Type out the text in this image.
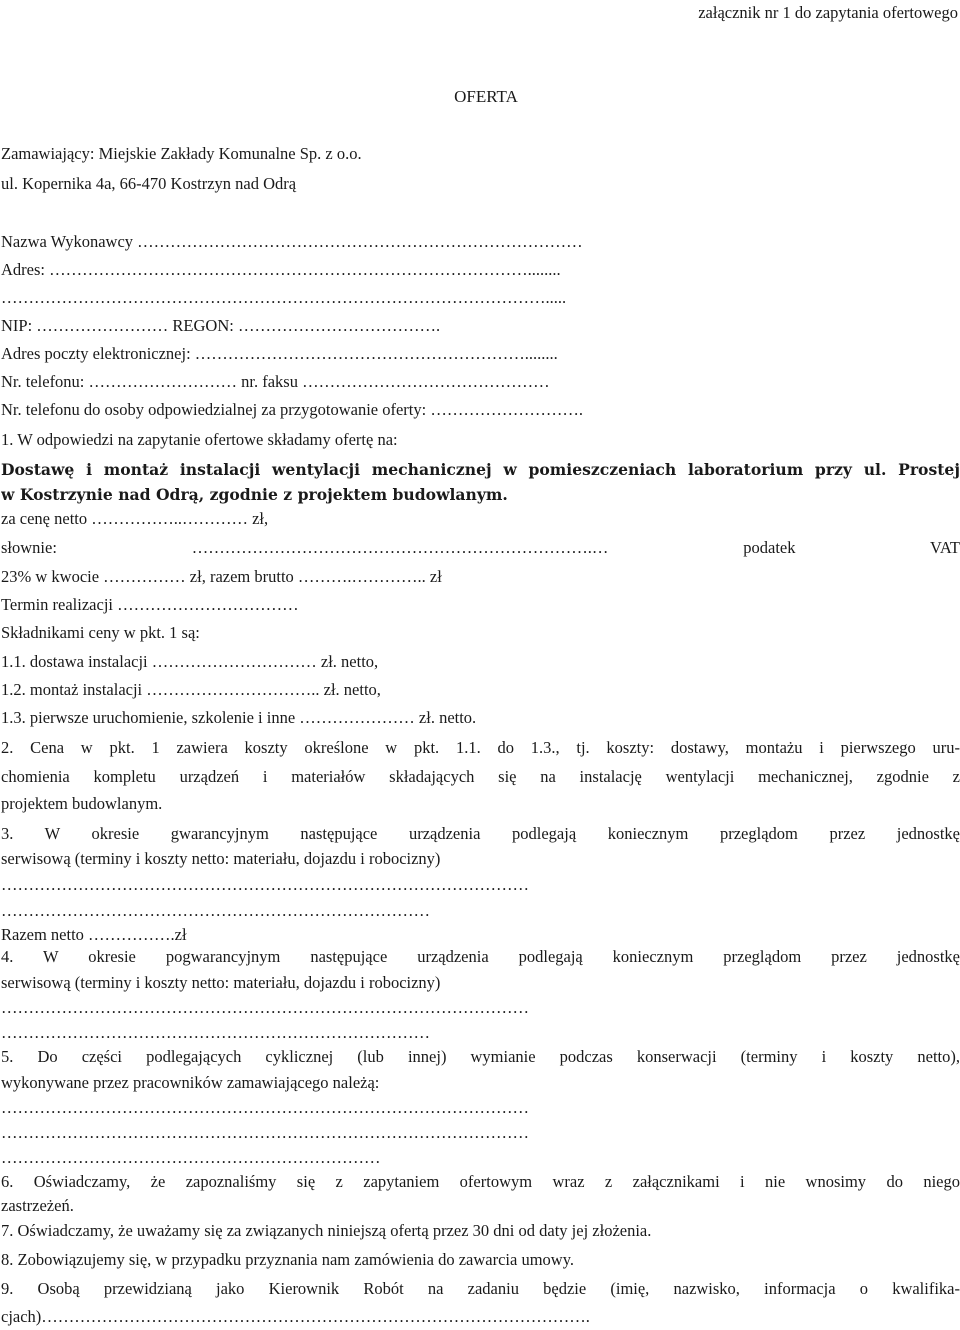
załącznik nr 1 do zapytania ofertowego
OFERTA
Zamawiający: Miejskie Zakłady Komunalne Sp. z o.o.
ul. Kopernika 4a, 66-470 Kostrzyn nad Odrą
Nazwa Wykonawcy ………………………………………………………………………
Adres: ……………………………………………………………………………........
……………………………………………………………………………………….....
NIP: …………………… REGON: ……………………………….
Adres poczty elektronicznej: ……………………………………………………........
Nr. telefonu: ……………………… nr. faksu ………………………………………
Nr. telefonu do osoby odpowiedzialnej za przygotowanie oferty: ……………………….
1. W odpowiedzi na zapytanie ofertowe składamy ofertę na:
Dostawę i montaż instalacji wentylacji mechanicznej w pomieszczeniach laboratorium przy ul. Prostej
w Kostrzynie nad Odrą, zgodnie z projektem budowlanym.
za cenę netto ……………..………… zł,
słownie: ……………………………………………………………….… podatek VAT
23% w kwocie …………… zł, razem brutto ……….………….. zł
Termin realizacji ……………………………
Składnikami ceny w pkt. 1 są:
1.1. dostawa instalacji ………………………… zł. netto,
1.2. montaż instalacji ………………………….. zł. netto,
1.3. pierwsze uruchomienie, szkolenie i inne ………………… zł. netto.
2. Cena w pkt. 1 zawiera koszty określone w pkt. 1.1. do 1.3., tj. koszty: dostawy, montażu i pierwszego uru-
chomienia kompletu urządzeń i materiałów składających się na instalację wentylacji mechanicznej, zgodnie z
projektem budowlanym.
3. W okresie gwarancyjnym następujące urządzenia podlegają koniecznym przeglądom przez jednostkę
serwisową (terminy i koszty netto: materiału, dojazdu i robocizny)
……………………………………………………………………………………
……………………………………………………………………
Razem netto …………….zł
4. W okresie pogwarancyjnym następujące urządzenia podlegają koniecznym przeglądom przez jednostkę
serwisową (terminy i koszty netto: materiału, dojazdu i robocizny)
……………………………………………………………………………………
……………………………………………………………………
5. Do części podlegających cyklicznej (lub innej) wymianie podczas konserwacji (terminy i koszty netto),
wykonywane przez pracowników zamawiającego należą:
……………………………………………………………………………………
……………………………………………………………………………………
……………………………………………………………
6. Oświadczamy, że zapoznaliśmy się z zapytaniem ofertowym wraz z załącznikami i nie wnosimy do niego
zastrzeżeń.
7. Oświadczamy, że uważamy się za związanych niniejszą ofertą przez 30 dni od daty jej złożenia.
8. Zobowiązujemy się, w przypadku przyznania nam zamówienia do zawarcia umowy.
9. Osobą przewidzianą jako Kierownik Robót na zadaniu będzie (imię, nazwisko, informacja o kwalifika-
cjach)……………………………………………………………………………………….
